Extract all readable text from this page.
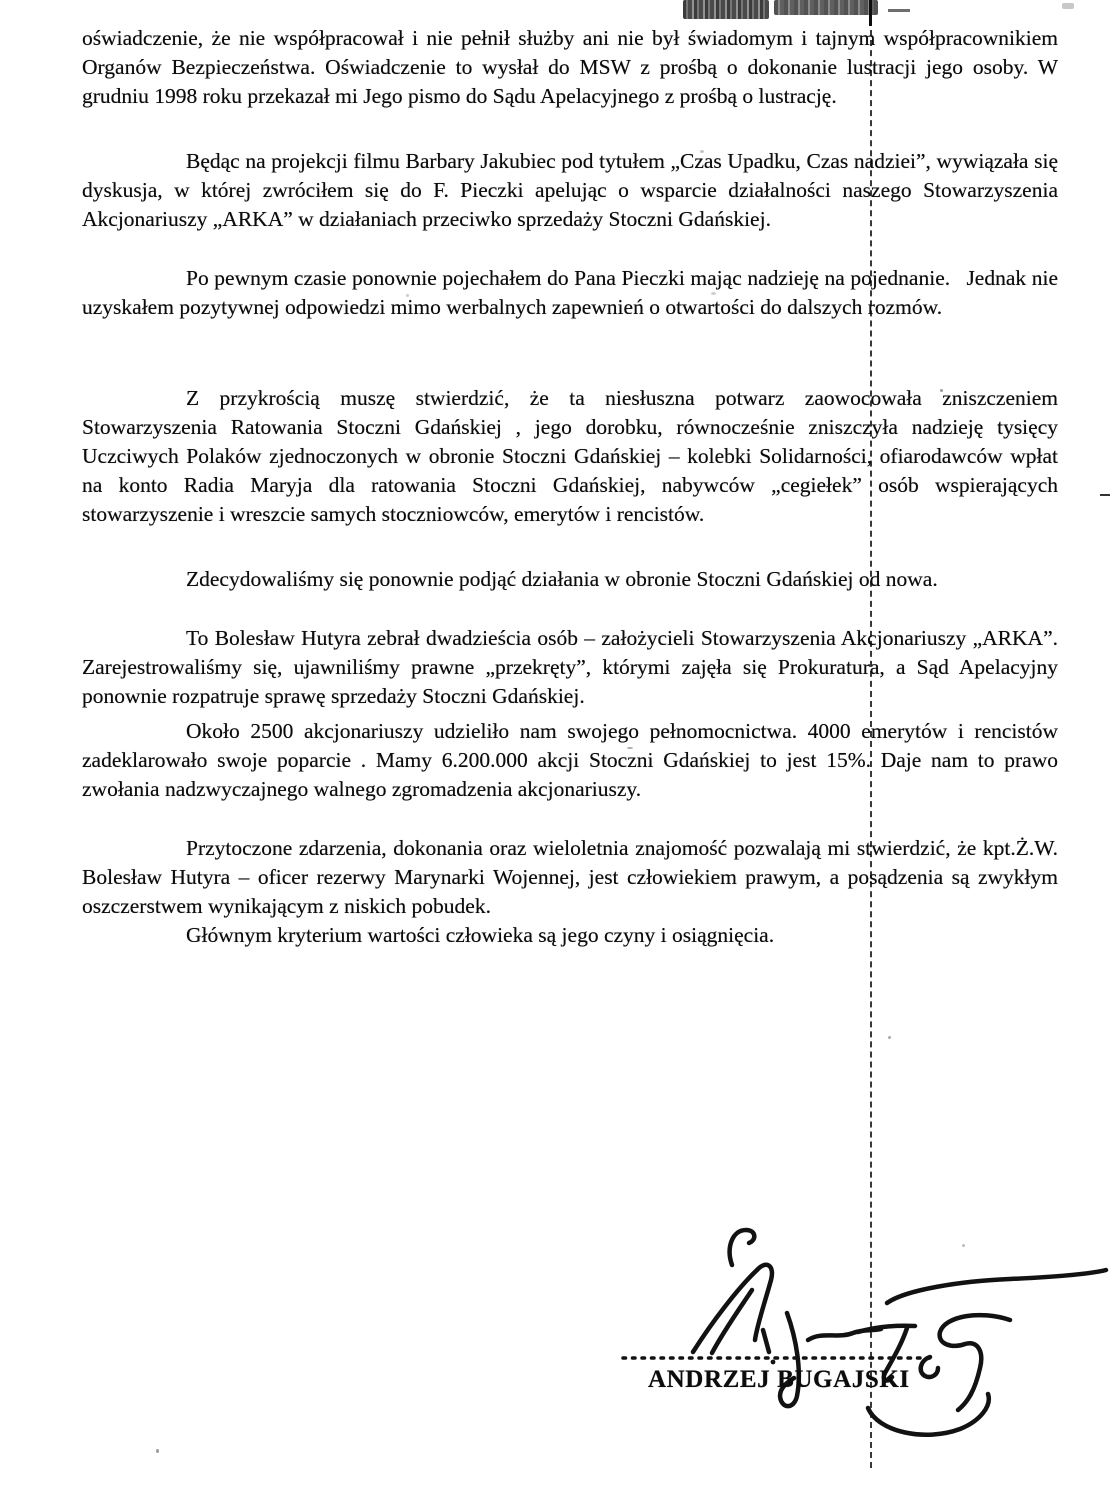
oświadczenie, że nie współpracował i nie pełnił służby ani nie był świadomym i tajnym współpracownikiem Organów Bezpieczeństwa. Oświadczenie to wysłał do MSW z prośbą o dokonanie lustracji jego osoby. W grudniu 1998 roku przekazał mi Jego pismo do Sądu Apelacyjnego z prośbą o lustrację.

Będąc na projekcji filmu Barbary Jakubiec pod tytułem „Czas Upadku, Czas nadziei”, wywiązała się dyskusja, w której zwróciłem się do F. Pieczki apelując o wsparcie działalności naszego Stowarzyszenia Akcjonariuszy „ARKA” w działaniach przeciwko sprzedaży Stoczni Gdańskiej.

Po pewnym czasie ponownie pojechałem do Pana Pieczki mając nadzieję na pojednanie.  Jednak nie uzyskałem pozytywnej odpowiedzi mimo werbalnych zapewnień o otwartości do dalszych rozmów.

Z przykrością muszę stwierdzić, że ta niesłuszna potwarz zaowocowała zniszczeniem Stowarzyszenia Ratowania Stoczni Gdańskiej , jego dorobku, równocześnie zniszczyła nadzieję tysięcy Uczciwych Polaków zjednoczonych w obronie Stoczni Gdańskiej – kolebki Solidarności, ofiarodawców wpłat na konto Radia Maryja dla ratowania Stoczni Gdańskiej, nabywców „cegiełek” osób wspierających stowarzyszenie i wreszcie samych stoczniowców, emerytów i rencistów.

Zdecydowaliśmy się ponownie podjąć działania w obronie Stoczni Gdańskiej od nowa.

To Bolesław Hutyra zebrał dwadzieścia osób – założycieli Stowarzyszenia Akcjonariuszy „ARKA”. Zarejestrowaliśmy się, ujawniliśmy prawne „przekręty”, którymi zajęła się Prokuratura, a Sąd Apelacyjny ponownie rozpatruje sprawę sprzedaży Stoczni Gdańskiej.

Około 2500 akcjonariuszy udzieliło nam swojego pełnomocnictwa. 4000 emerytów i rencistów zadeklarowało swoje poparcie . Mamy 6.200.000 akcji Stoczni Gdańskiej to jest 15%. Daje nam to prawo zwołania nadzwyczajnego walnego zgromadzenia akcjonariuszy.

Przytoczone zdarzenia, dokonania oraz wieloletnia znajomość pozwalają mi stwierdzić, że kpt.Ż.W. Bolesław Hutyra – oficer rezerwy Marynarki Wojennej, jest człowiekiem prawym, a posądzenia są zwykłym oszczerstwem wynikającym z niskich pobudek.

Głównym kryterium wartości człowieka są jego czyny i osiągnięcia.

ANDRZEJ BUGAJSKI
